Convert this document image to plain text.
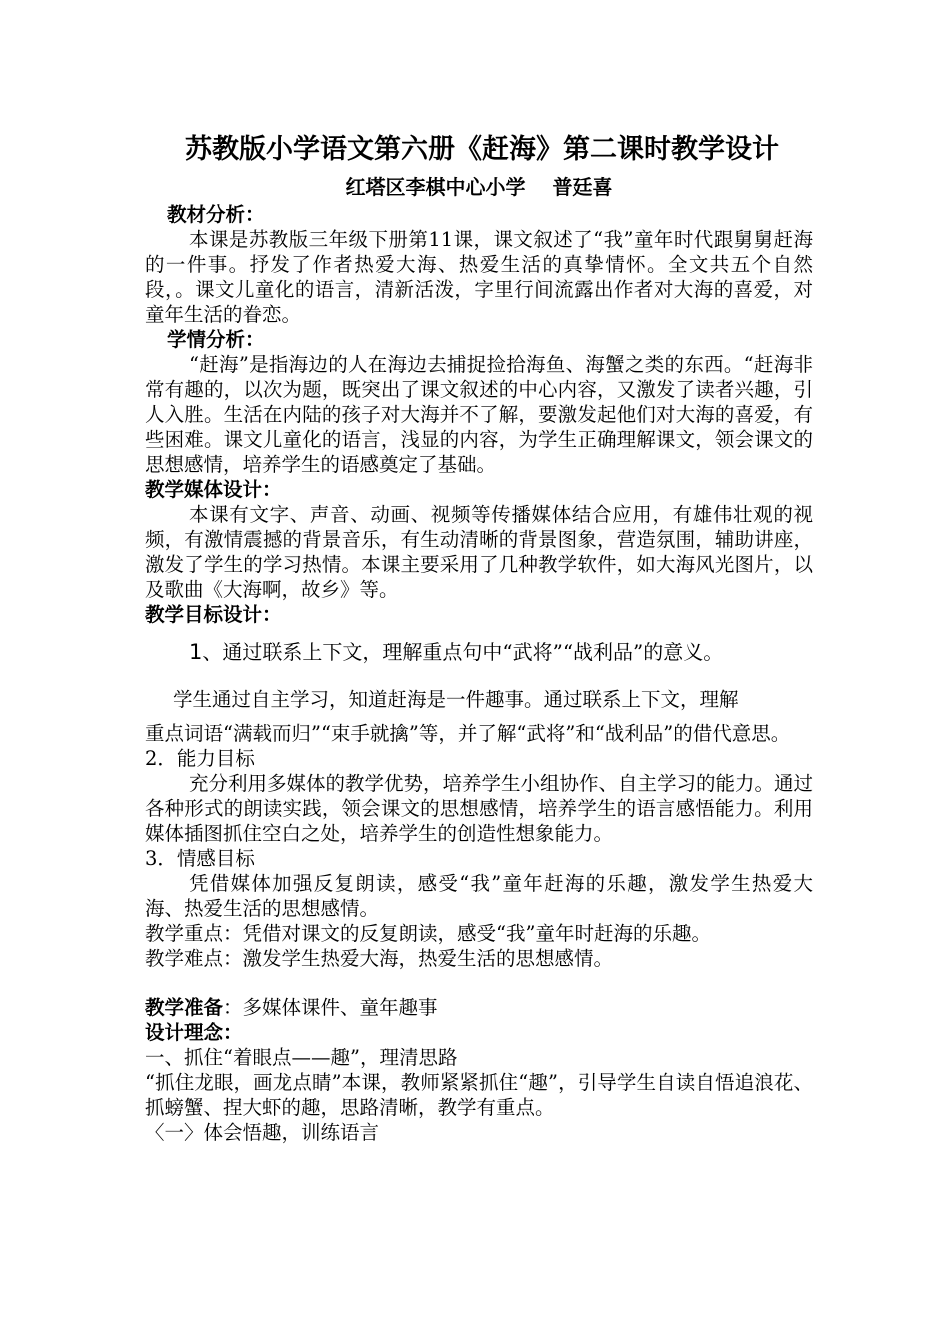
苏教版小学语文第六册《赶海》第二课时教学设计
红塔区李棋中心小学　 普廷喜
教材分析：

本课是苏教版三年级下册第11课，课文叙述了“我”童年时代跟舅舅赶海的一件事。抒发了作者热爱大海、热爱生活的真挚情怀。全文共五个自然段，。课文儿童化的语言，清新活泼，字里行间流露出作者对大海的喜爱，对童年生活的眷恋。

学情分析：

“赶海”是指海边的人在海边去捕捉捡拾海鱼、海蟹之类的东西。“赶海非常有趣的，以次为题，既突出了课文叙述的中心内容，又激发了读者兴趣，引人入胜。生活在内陆的孩子对大海并不了解，要激发起他们对大海的喜爱，有些困难。课文儿童化的语言，浅显的内容，为学生正确理解课文，领会课文的思想感情，培养学生的语感奠定了基础。

教学媒体设计：

本课有文字、声音、动画、视频等传播媒体结合应用，有雄伟壮观的视频，有激情震撼的背景音乐，有生动清晰的背景图象，营造氛围，辅助讲座，激发了学生的学习热情。本课主要采用了几种教学软件，如大海风光图片，以及歌曲《大海啊，故乡》等。

教学目标设计：
1、通过联系上下文，理解重点句中“武将”“战利品”的意义。

学生通过自主学习，知道赶海是一件趣事。通过联系上下文，理解

重点词语“满载而归”“束手就擒”等，并了解“武将”和“战利品”的借代意思。

2．能力目标

充分利用多媒体的教学优势，培养学生小组协作、自主学习的能力。通过各种形式的朗读实践，领会课文的思想感情，培养学生的语言感悟能力。利用媒体插图抓住空白之处，培养学生的创造性想象能力。

3．情感目标

凭借媒体加强反复朗读，感受“我”童年赶海的乐趣，激发学生热爱大海、热爱生活的思想感情。

教学重点：凭借对课文的反复朗读，感受“我”童年时赶海的乐趣。

教学难点：激发学生热爱大海，热爱生活的思想感情。

教学准备：多媒体课件、童年趣事

设计理念：

一、抓住“着眼点——趣”，理清思路

“抓住龙眼，画龙点睛”本课，教师紧紧抓住“趣”，引导学生自读自悟追浪花、抓螃蟹、捏大虾的趣，思路清晰，教学有重点。

〈一〉体会悟趣，训练语言
